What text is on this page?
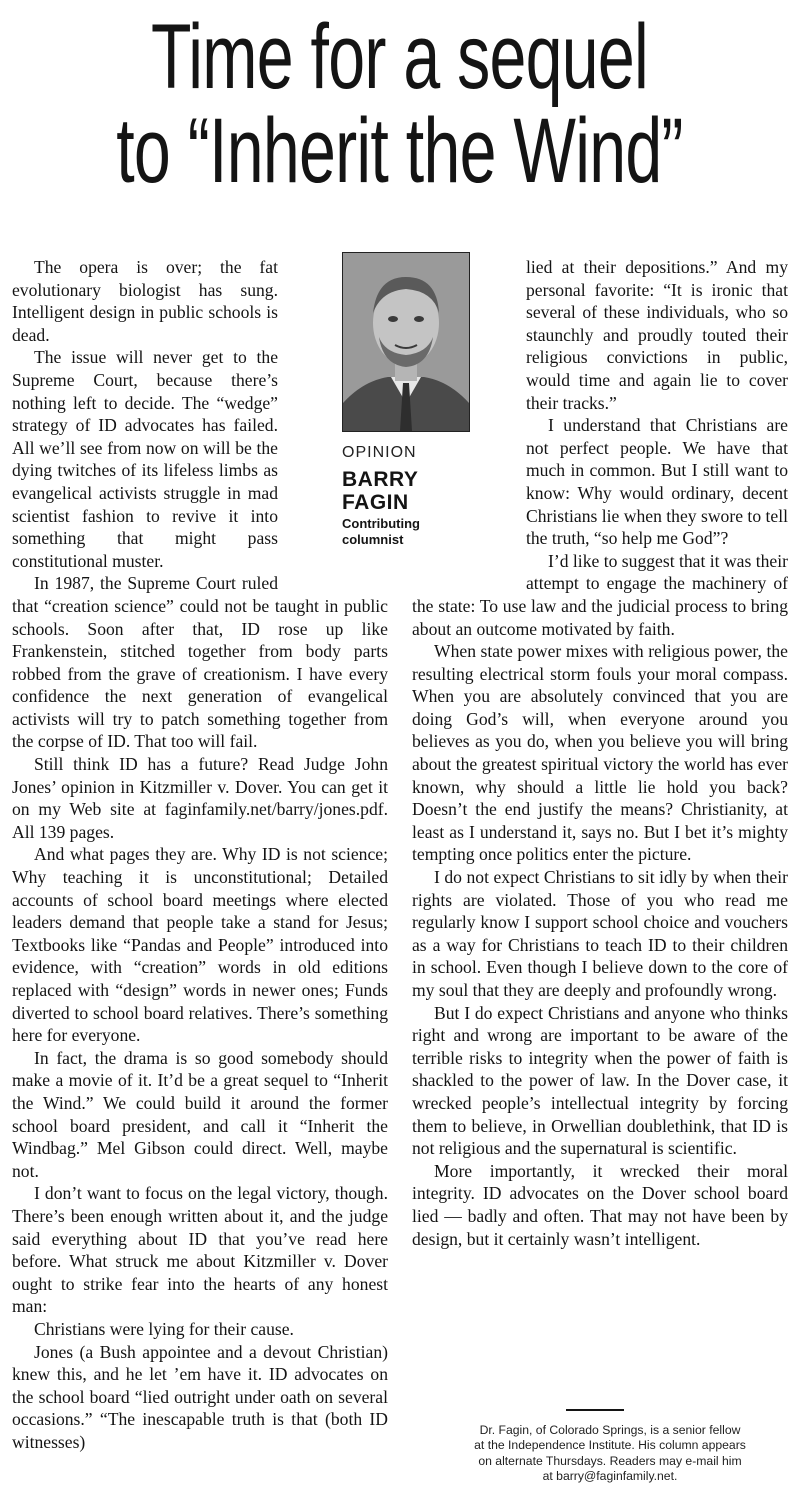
Time for a sequel
to “Inherit the Wind”

The opera is over; the fat evolutionary biologist has sung. Intelligent design in public schools is dead.

The issue will never get to the Supreme Court, because there’s nothing left to decide. The “wedge” strategy of ID advocates has failed. All we’ll see from now on will be the dying twitches of its lifeless limbs as evangelical activists struggle in mad scientist fashion to revive it into something that might pass constitutional muster.

In 1987, the Supreme Court ruled that “creation science” could not be taught in public schools. Soon after that, ID rose up like Frankenstein, stitched together from body parts robbed from the grave of creationism. I have every confidence the next generation of evangelical activists will try to patch something together from the corpse of ID. That too will fail.

Still think ID has a future? Read Judge John Jones’ opinion in Kitzmiller v. Dover. You can get it on my Web site at faginfamily.net/barry/jones.pdf. All 139 pages.

And what pages they are. Why ID is not science; Why teaching it is unconstitutional; Detailed accounts of school board meetings where elected leaders demand that people take a stand for Jesus; Textbooks like “Pandas and People” introduced into evidence, with “creation” words in old editions replaced with “design” words in newer ones; Funds diverted to school board relatives. There’s something here for everyone.

In fact, the drama is so good somebody should make a movie of it. It’d be a great sequel to “Inherit the Wind.” We could build it around the former school board president, and call it “Inherit the Windbag.” Mel Gibson could direct. Well, maybe not.

I don’t want to focus on the legal victory, though. There’s been enough written about it, and the judge said everything about ID that you’ve read here before. What struck me about Kitzmiller v. Dover ought to strike fear into the hearts of any honest man:

Christians were lying for their cause.

Jones (a Bush appointee and a devout Christian) knew this, and he let ’em have it. ID advocates on the school board “lied outright under oath on several occasions.” “The inescapable truth is that (both ID witnesses)

lied at their depositions.” And my personal favorite: “It is ironic that several of these individuals, who so staunchly and proudly touted their religious convictions in public, would time and again lie to cover their tracks.”

I understand that Christians are not perfect people. We have that much in common. But I still want to know: Why would ordinary, decent Christians lie when they swore to tell the truth, “so help me God”?

I’d like to suggest that it was their attempt to engage the machinery of the state: To use law and the judicial process to bring about an outcome motivated by faith.

When state power mixes with religious power, the resulting electrical storm fouls your moral compass. When you are absolutely convinced that you are doing God’s will, when everyone around you believes as you do, when you believe you will bring about the greatest spiritual victory the world has ever known, why should a little lie hold you back? Doesn’t the end justify the means? Christianity, at least as I understand it, says no. But I bet it’s mighty tempting once politics enter the picture.

I do not expect Christians to sit idly by when their rights are violated. Those of you who read me regularly know I support school choice and vouchers as a way for Christians to teach ID to their children in school. Even though I believe down to the core of my soul that they are deeply and profoundly wrong.

But I do expect Christians and anyone who thinks right and wrong are important to be aware of the terrible risks to integrity when the power of faith is shackled to the power of law. In the Dover case, it wrecked people’s intellectual integrity by forcing them to believe, in Orwellian doublethink, that ID is not religious and the supernatural is scientific.

More importantly, it wrecked their moral integrity. ID advocates on the Dover school board lied — badly and often. That may not have been by design, but it certainly wasn’t intelligent.

OPINION
BARRY
FAGIN
Contributing
columnist
Dr. Fagin, of Colorado Springs, is a senior fellow
at the Independence Institute. His column appears
on alternate Thursdays. Readers may e-mail him
at barry@faginfamily.net.
